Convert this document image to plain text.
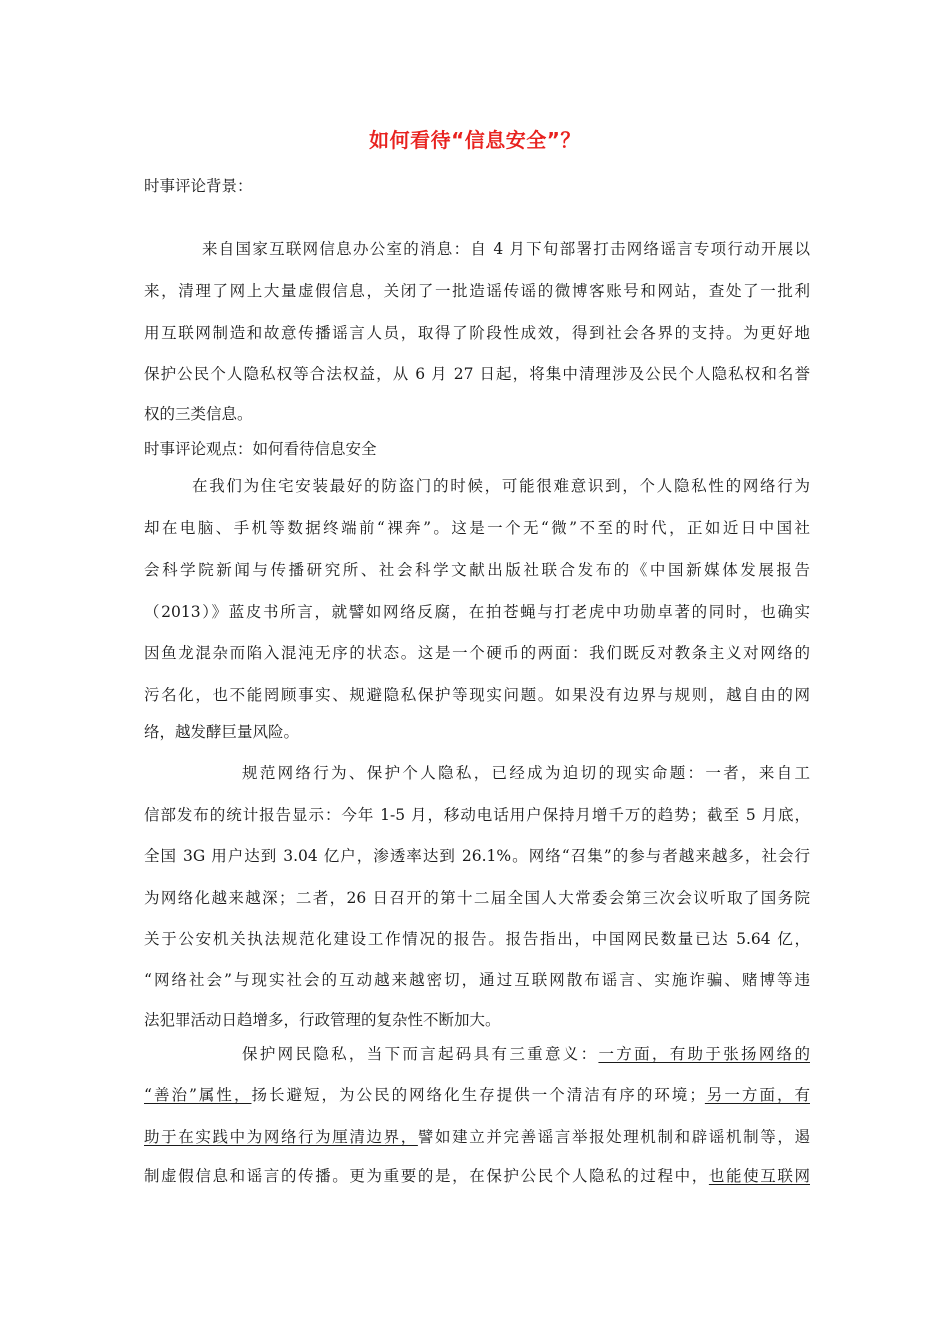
如何看待“信息安全”？
时事评论背景：
来自国家互联网信息办公室的消息：自 4 月下旬部署打击网络谣言专项行动开展以
来，清理了网上大量虚假信息，关闭了一批造谣传谣的微博客账号和网站，查处了一批利
用互联网制造和故意传播谣言人员，取得了阶段性成效，得到社会各界的支持。为更好地
保护公民个人隐私权等合法权益，从 6 月 27 日起，将集中清理涉及公民个人隐私权和名誉
权的三类信息。
时事评论观点：如何看待信息安全
在我们为住宅安装最好的防盗门的时候，可能很难意识到，个人隐私性的网络行为
却在电脑、手机等数据终端前“裸奔”。这是一个无“微”不至的时代，正如近日中国社
会科学院新闻与传播研究所、社会科学文献出版社联合发布的《中国新媒体发展报告
（2013）》蓝皮书所言，就譬如网络反腐，在拍苍蝇与打老虎中功勋卓著的同时，也确实
因鱼龙混杂而陷入混沌无序的状态。这是一个硬币的两面：我们既反对教条主义对网络的
污名化，也不能罔顾事实、规避隐私保护等现实问题。如果没有边界与规则，越自由的网
络，越发酵巨量风险。
规范网络行为、保护个人隐私，已经成为迫切的现实命题：一者，来自工
信部发布的统计报告显示：今年 1-5 月，移动电话用户保持月增千万的趋势；截至 5 月底，
全国 3G 用户达到 3.04 亿户，渗透率达到 26.1%。网络“召集”的参与者越来越多，社会行
为网络化越来越深；二者，26 日召开的第十二届全国人大常委会第三次会议听取了国务院
关于公安机关执法规范化建设工作情况的报告。报告指出，中国网民数量已达 5.64 亿，
“网络社会”与现实社会的互动越来越密切，通过互联网散布谣言、实施诈骗、赌博等违
法犯罪活动日趋增多，行政管理的复杂性不断加大。
保护网民隐私，当下而言起码具有三重意义：一方面，有助于张扬网络的
“善治”属性，扬长避短，为公民的网络化生存提供一个清洁有序的环境；另一方面，有
助于在实践中为网络行为厘清边界，譬如建立并完善谣言举报处理机制和辟谣机制等，遏
制虚假信息和谣言的传播。更为重要的是，在保护公民个人隐私的过程中，也能使互联网
